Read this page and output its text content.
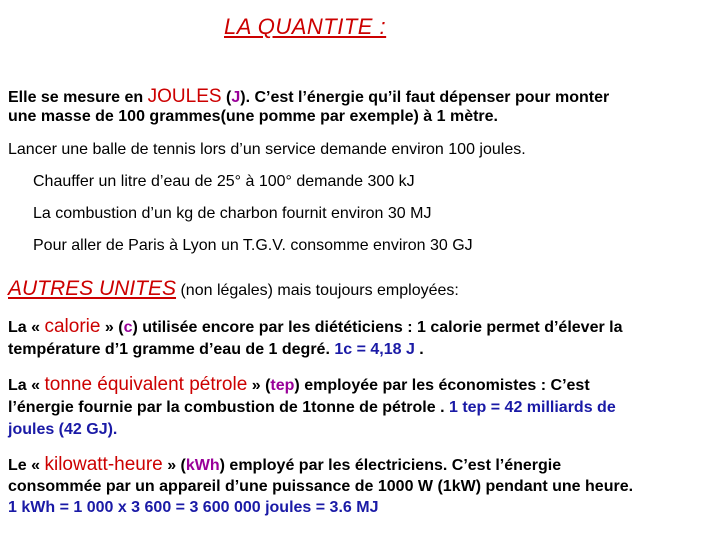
LA QUANTITE :
Elle se mesure en JOULES (J). C’est l’énergie qu’il faut dépenser pour monter
une masse de 100 grammes(une pomme par exemple) à 1 mètre.
Lancer une balle de tennis lors d’un service demande environ 100 joules.
Chauffer un litre d’eau de 25° à 100° demande 300 kJ
La combustion d’un kg de charbon fournit environ 30 MJ
Pour aller de Paris à Lyon un T.G.V. consomme environ 30 GJ
AUTRES UNITES (non légales) mais toujours employées:
La « calorie » (c) utilisée encore par les diététiciens : 1 calorie permet d’élever la
température d’1 gramme d’eau de 1 degré. 1c = 4,18 J .
La « tonne équivalent pétrole » (tep) employée par les économistes : C’est
l’énergie fournie par la combustion de 1tonne de pétrole . 1 tep = 42 milliards de
joules (42 GJ).
Le « kilowatt-heure » (kWh) employé par les électriciens. C’est l’énergie
consommée par un appareil d’une puissance de 1000 W (1kW) pendant une heure.
1 kWh = 1 000 x 3 600 = 3 600 000 joules = 3.6 MJ
